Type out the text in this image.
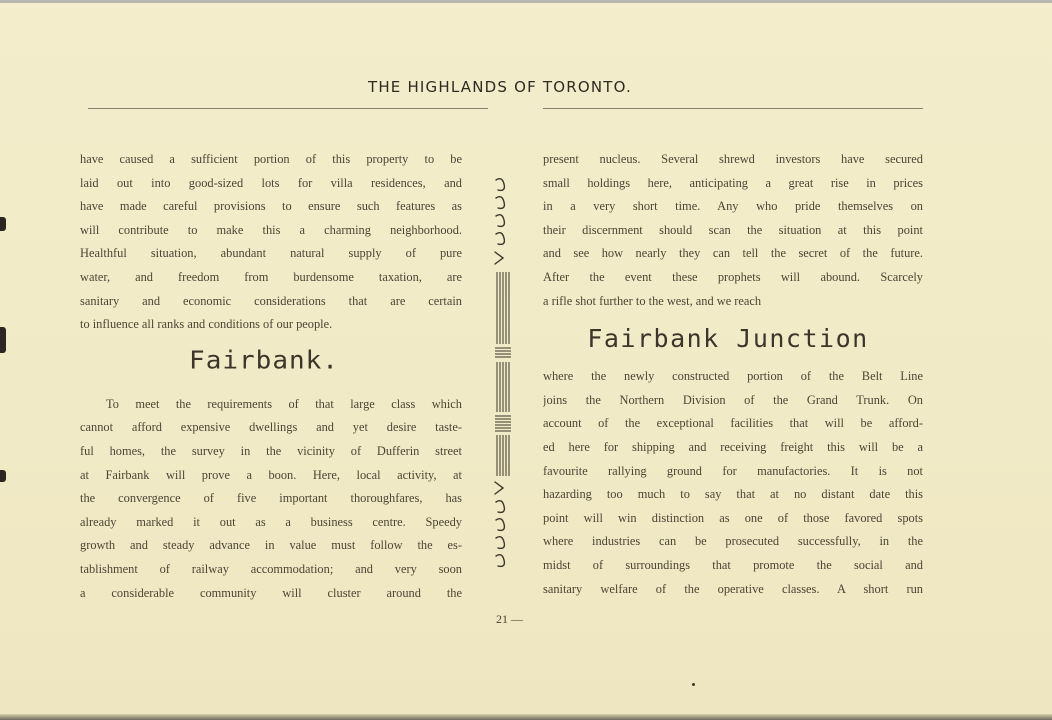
THE HIGHLANDS OF TORONTO.

have caused a sufficient portion of this property to be
laid out into good-sized lots for villa residences, and
have made careful provisions to ensure such features as
will contribute to make this a charming neighborhood.
Healthful situation, abundant natural supply of pure
water, and freedom from burdensome taxation, are
sanitary and economic considerations that are certain
to influence all ranks and conditions of our people.

Fairbank.

To meet the requirements of that large class which
cannot afford expensive dwellings and yet desire taste-
ful homes, the survey in the vicinity of Dufferin street
at Fairbank will prove a boon. Here, local activity, at
the convergence of five important thoroughfares, has
already marked it out as a business centre. Speedy
growth and steady advance in value must follow the es-
tablishment of railway accommodation; and very soon
a considerable community will cluster around the

present nucleus. Several shrewd investors have secured
small holdings here, anticipating a great rise in prices
in a very short time. Any who pride themselves on
their discernment should scan the situation at this point
and see how nearly they can tell the secret of the future.
After the event these prophets will abound. Scarcely
a rifle shot further to the west, and we reach

Fairbank Junction

where the newly constructed portion of the Belt Line
joins the Northern Division of the Grand Trunk. On
account of the exceptional facilities that will be afford-
ed here for shipping and receiving freight this will be a
favourite rallying ground for manufactories. It is not
hazarding too much to say that at no distant date this
point will win distinction as one of those favored spots
where industries can be prosecuted successfully, in the
midst of surroundings that promote the social and
sanitary welfare of the operative classes. A short run

21 —
